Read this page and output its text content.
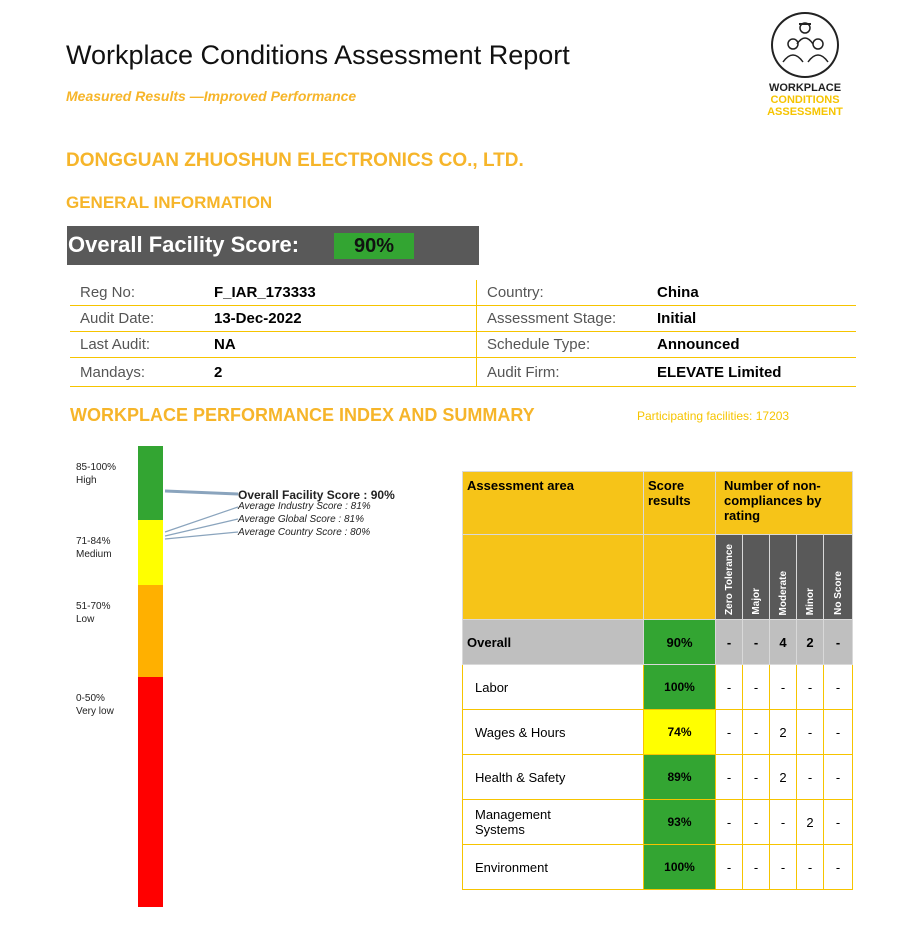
Workplace Conditions Assessment Report
Measured Results —Improved Performance	WORKPLACE
CONDITIONS
ASSESSMENT
DONGGUAN ZHUOSHUN ELECTRONICS CO., LTD.
GENERAL INFORMATION
Overall Facility Score:	90%
Reg No:	F_IAR_173333	Country:	China
Audit Date:	13-Dec-2022	Assessment Stage:	Initial
Last Audit:	NA	Schedule Type:	Announced
Mandays:	2	Audit Firm:	ELEVATE Limited
WORKPLACE PERFORMANCE INDEX AND SUMMARY	Participating facilities: 17203
85-100%
High
71-84%
Medium
51-70%
Low
0-50%
Very low
Overall Facility Score : 90%
Average Industry Score : 81%
Average Global Score : 81%
Average Country Score : 80%
Assessment area	Score results	Number of non-compliances by rating				

		Zero Tolerance	Major	Moderate	Minor	No Score

Overall	90%	-	-	4	2	-
Labor	100%	-	-	-	-	-
Wages & Hours	74%	-	-	2	-	-
Health & Safety	89%	-	-	2	-	-
Management Systems	93%	-	-	-	2	-
Environment	100%	-	-	-	-	-
